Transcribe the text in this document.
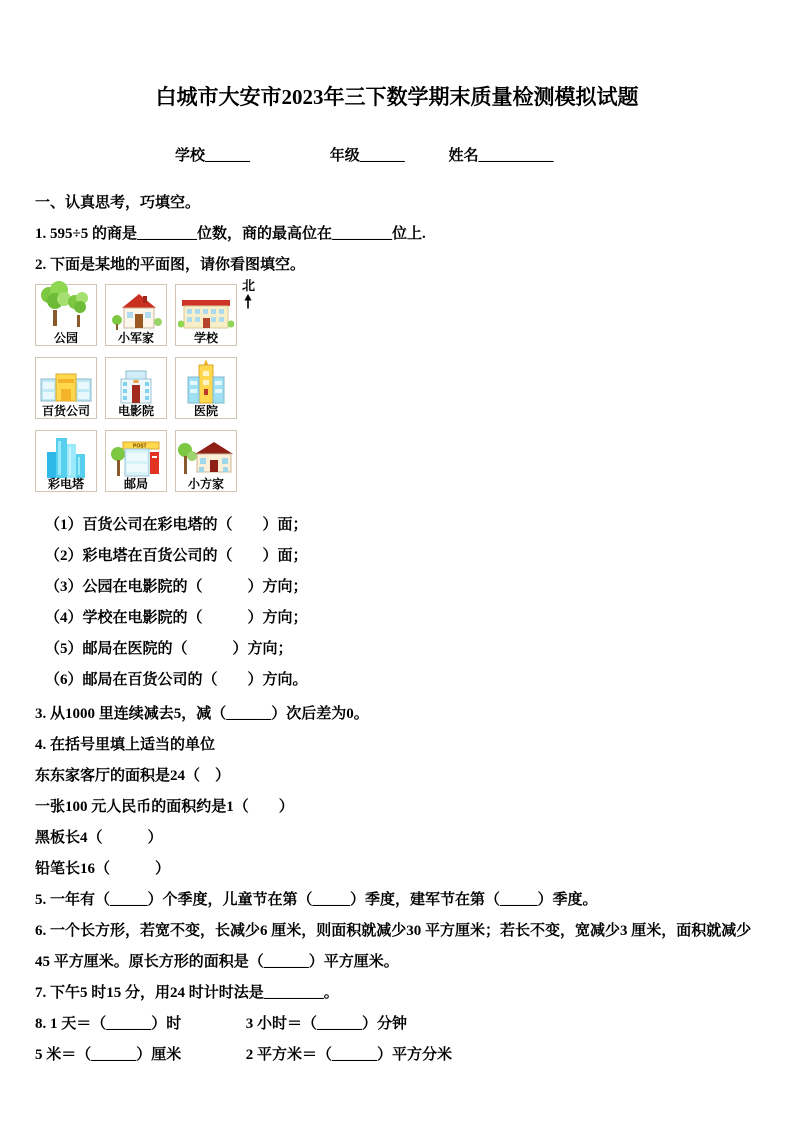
白城市大安市2023年三下数学期末质量检测模拟试题
学校______	年级______	姓名__________
一、认真思考，巧填空。
1. 595÷5 的商是________位数，商的最高位在________位上.
2. 下面是某地的平面图，请你看图填空。
北
公园	小军家	学校
百货公司	电影院	医院
彩电塔
POST
邮局	小方家
（1）百货公司在彩电塔的（　　）面；
（2）彩电塔在百货公司的（　　）面；
（3）公园在电影院的（　　　）方向；
（4）学校在电影院的（　　　）方向；
（5）邮局在医院的（　　　）方向；
（6）邮局在百货公司的（　　）方向。
3. 从1000 里连续减去5，减（______）次后差为0。
4. 在括号里填上适当的单位
东东家客厅的面积是24（　）
一张100 元人民币的面积约是1（　　）
黑板长4（　　　）
铅笔长16（　　　）
5. 一年有（_____）个季度，儿童节在第（_____）季度，建军节在第（_____）季度。

6. 一个长方形，若宽不变，长减少6 厘米，则面积就减少30 平方厘米；若长不变，宽减少3 厘米，面积就减少45 平方厘米。原长方形的面积是（______）平方厘米。

7. 下午5 时15 分，用24 时计时法是________。
8. 1 天＝（______）时	3 小时＝（______）分钟
5 米＝（______）厘米	2 平方米＝（______）平方分米
